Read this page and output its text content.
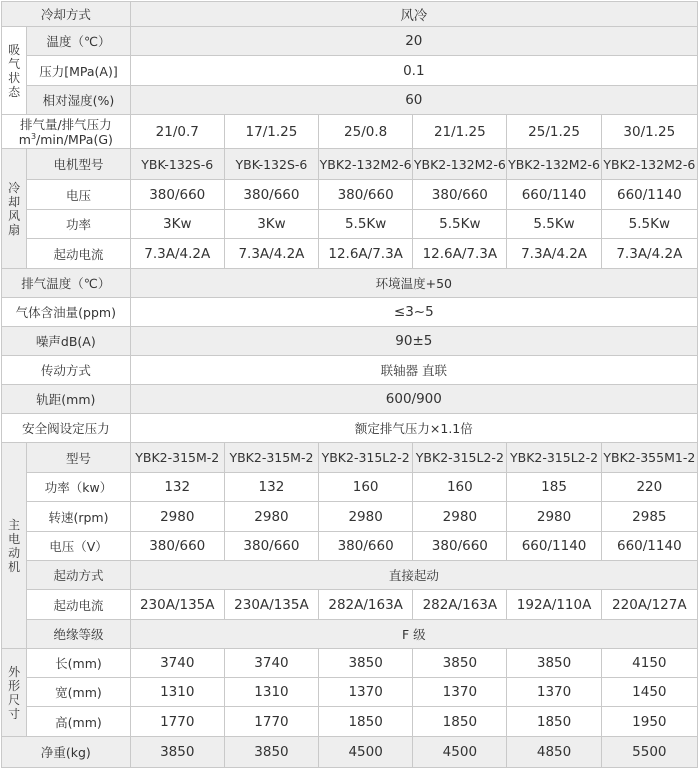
冷却方式		风冷					

吸
气
状
态	温度（℃）	20					
	压力[MPa(A)]	0.1					
	相对湿度(%)	60					

排气量/排气压力
$m^3/\min/MPa(G)$		21/0.7	17/1.25	25/0.8	21/1.25	25/1.25	30/1.25

冷
却
风
扇	电机型号	YBK-132S-6	YBK-132S-6	YBK2-132M2-6	YBK2-132M2-6	YBK2-132M2-6	YBK2-132M2-6
	电压	380/660	380/660	380/660	380/660	660/1140	660/1140
	功率	3Kw	3Kw	5.5Kw	5.5Kw	5.5Kw	5.5Kw
	起动电流	7.3A/4.2A	7.3A/4.2A	12.6A/7.3A	12.6A/7.3A	7.3A/4.2A	7.3A/4.2A
排气温度（℃）		环境温度+50					
气体含油量(ppm)		≤3~5					
噪声dB(A)		90±5					
传动方式		联轴器 直联					
轨距(mm)		600/900					
安全阀设定压力		额定排气压力×1.1倍					

主
电
动
机	型号	YBK2-315M-2	YBK2-315M-2	YBK2-315L2-2	YBK2-315L2-2	YBK2-315L2-2	YBK2-355M1-2
	功率（kw）	132	132	160	160	185	220
	转速(rpm)	2980	2980	2980	2980	2980	2985
	电压（V）	380/660	380/660	380/660	380/660	660/1140	660/1140
	起动方式	直接起动					
	起动电流	230A/135A	230A/135A	282A/163A	282A/163A	192A/110A	220A/127A
	绝缘等级	F 级					

外
形
尺
寸	长(mm)	3740	3740	3850	3850	3850	4150
	宽(mm)	1310	1310	1370	1370	1370	1450
	高(mm)	1770	1770	1850	1850	1850	1950
净重(kg)		3850	3850	4500	4500	4850	5500
